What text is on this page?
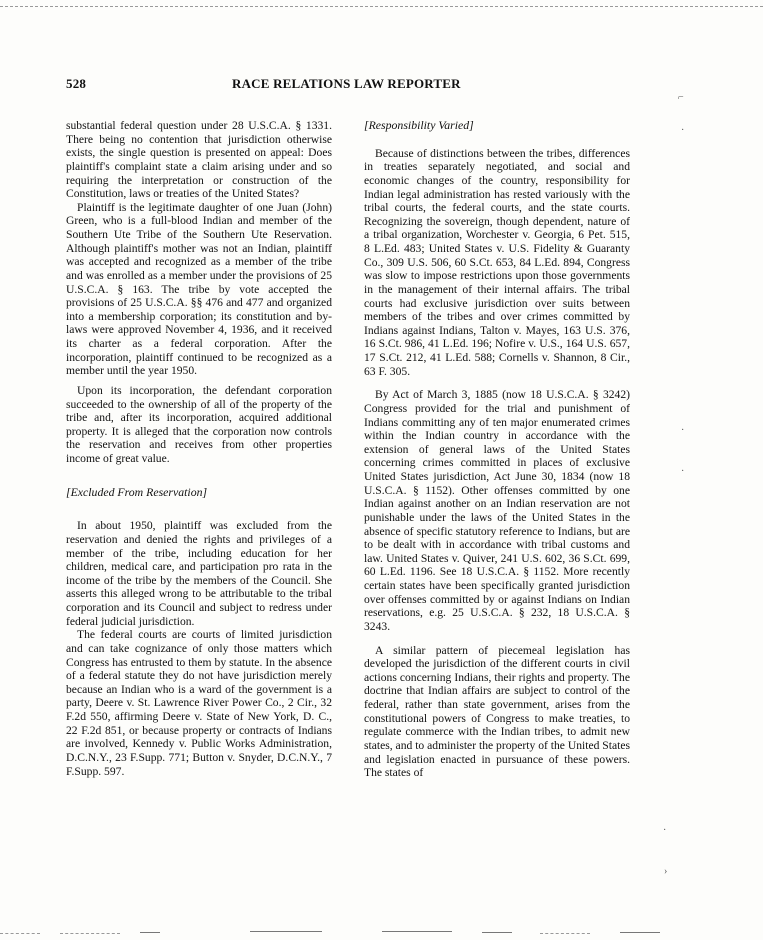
528	RACE RELATIONS LAW REPORTER

substantial federal question under 28 U.S.C.A. § 1331. There being no contention that jurisdiction otherwise exists, the single question is presented on appeal: Does plaintiff's complaint state a claim arising under and so requiring the interpretation or construction of the Constitution, laws or treaties of the United States?

Plaintiff is the legitimate daughter of one Juan (John) Green, who is a full-blood Indian and member of the Southern Ute Tribe of the Southern Ute Reservation. Although plaintiff's mother was not an Indian, plaintiff was accepted and recognized as a member of the tribe and was enrolled as a member under the provisions of 25 U.S.C.A. § 163. The tribe by vote accepted the provisions of 25 U.S.C.A. §§ 476 and 477 and organized into a membership corporation; its constitution and by-laws were approved November 4, 1936, and it received its charter as a federal corporation. After the incorporation, plaintiff continued to be recognized as a member until the year 1950.

Upon its incorporation, the defendant corporation succeeded to the ownership of all of the property of the tribe and, after its incorporation, acquired additional property. It is alleged that the corporation now controls the reservation and receives from other properties income of great value.

[Excluded From Reservation]

In about 1950, plaintiff was excluded from the reservation and denied the rights and privileges of a member of the tribe, including education for her children, medical care, and participation pro rata in the income of the tribe by the members of the Council. She asserts this alleged wrong to be attributable to the tribal corporation and its Council and subject to redress under federal judicial jurisdiction.

The federal courts are courts of limited jurisdiction and can take cognizance of only those matters which Congress has entrusted to them by statute. In the absence of a federal statute they do not have jurisdiction merely because an Indian who is a ward of the government is a party, Deere v. St. Lawrence River Power Co., 2 Cir., 32 F.2d 550, affirming Deere v. State of New York, D. C., 22 F.2d 851, or because property or contracts of Indians are involved, Kennedy v. Public Works Administration, D.C.N.Y., 23 F.Supp. 771; Button v. Snyder, D.C.N.Y., 7 F.Supp. 597.

[Responsibility Varied]

Because of distinctions between the tribes, differences in treaties separately negotiated, and social and economic changes of the country, responsibility for Indian legal administration has rested variously with the tribal courts, the federal courts, and the state courts. Recognizing the sovereign, though dependent, nature of a tribal organization, Worchester v. Georgia, 6 Pet. 515, 8 L.Ed. 483; United States v. U.S. Fidelity & Guaranty Co., 309 U.S. 506, 60 S.Ct. 653, 84 L.Ed. 894, Congress was slow to impose restrictions upon those governments in the management of their internal affairs. The tribal courts had exclusive jurisdiction over suits between members of the tribes and over crimes committed by Indians against Indians, Talton v. Mayes, 163 U.S. 376, 16 S.Ct. 986, 41 L.Ed. 196; Nofire v. U.S., 164 U.S. 657, 17 S.Ct. 212, 41 L.Ed. 588; Cornells v. Shannon, 8 Cir., 63 F. 305.

By Act of March 3, 1885 (now 18 U.S.C.A. § 3242) Congress provided for the trial and punishment of Indians committing any of ten major enumerated crimes within the Indian country in accordance with the extension of general laws of the United States concerning crimes committed in places of exclusive United States jurisdiction, Act June 30, 1834 (now 18 U.S.C.A. § 1152). Other offenses committed by one Indian against another on an Indian reservation are not punishable under the laws of the United States in the absence of specific statutory reference to Indians, but are to be dealt with in accordance with tribal customs and law. United States v. Quiver, 241 U.S. 602, 36 S.Ct. 699, 60 L.Ed. 1196. See 18 U.S.C.A. § 1152. More recently certain states have been specifically granted jurisdiction over offenses committed by or against Indians on Indian reservations, e.g. 25 U.S.C.A. § 232, 18 U.S.C.A. § 3243.

A similar pattern of piecemeal legislation has developed the jurisdiction of the different courts in civil actions concerning Indians, their rights and property. The doctrine that Indian affairs are subject to control of the federal, rather than state government, arises from the constitutional powers of Congress to make treaties, to regulate commerce with the Indian tribes, to admit new states, and to administer the property of the United States and legislation enacted in pursuance of these powers. The states of

⌐
·
·
·
·
›
